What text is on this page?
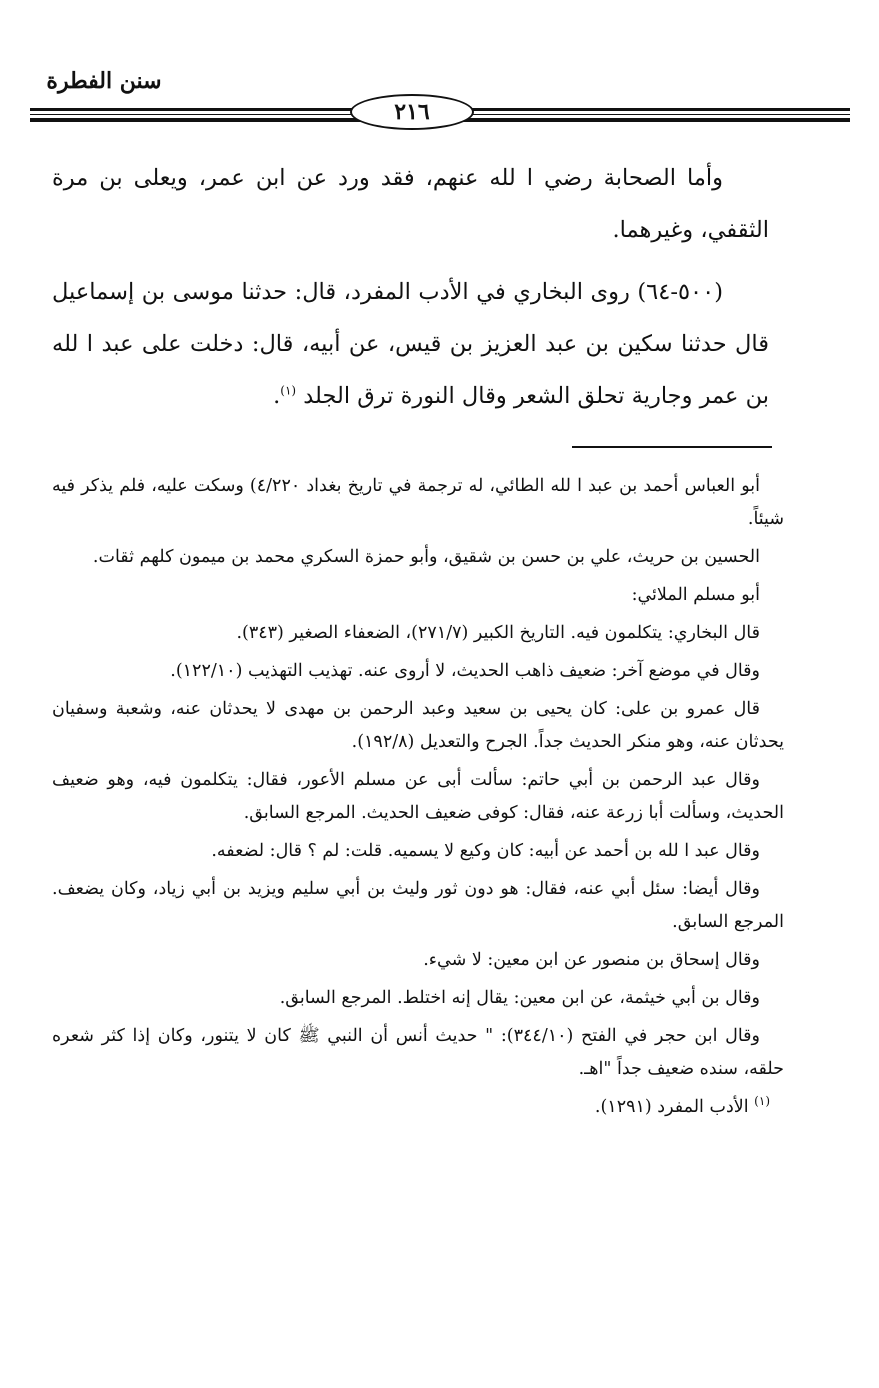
سنن الفطرة
٢١٦

وأما الصحابة رضي ا لله عنهم، فقد ورد عن ابن عمر، ويعلى بن مرة الثقفي، وغيرهما.

(٥٠٠-٦٤) روى البخاري في الأدب المفرد، قال: حدثنا موسى بن إسماعيل قال حدثنا سكين بن عبد العزيز بن قيس، عن أبيه، قال: دخلت على عبد ا لله بن عمر وجارية تحلق الشعر وقال النورة ترق الجلد $^{(١)}$.

أبو العباس أحمد بن عبد ا لله الطائي، له ترجمة في تاريخ بغداد ٤/٢٢٠) وسكت عليه، فلم يذكر فيه شيئاً.

الحسين بن حريث، علي بن حسن بن شقيق، وأبو حمزة السكري محمد بن ميمون كلهم ثقات.

أبو مسلم الملائي:

قال البخاري: يتكلمون فيه. التاريخ الكبير (٢٧١/٧)، الضعفاء الصغير (٣٤٣).

وقال في موضع آخر: ضعيف ذاهب الحديث، لا أروى عنه. تهذيب التهذيب (١٢٢/١٠).

قال عمرو بن على: كان يحيى بن سعيد وعبد الرحمن بن مهدى لا يحدثان عنه، وشعبة وسفيان يحدثان عنه، وهو منكر الحديث جداً. الجرح والتعديل (١٩٢/٨).

وقال عبد الرحمن بن أبي حاتم: سألت أبى عن مسلم الأعور، فقال: يتكلمون فيه، وهو ضعيف الحديث، وسألت أبا زرعة عنه، فقال: كوفى ضعيف الحديث. المرجع السابق.

وقال عبد ا لله بن أحمد عن أبيه: كان وكيع لا يسميه. قلت: لم ؟ قال: لضعفه.

وقال أيضا: سئل أبي عنه، فقال: هو دون ثور وليث بن أبي سليم ويزيد بن أبي زياد، وكان يضعف. المرجع السابق.

وقال إسحاق بن منصور عن ابن معين: لا شيء.

وقال بن أبي خيثمة، عن ابن معين: يقال إنه اختلط. المرجع السابق.

وقال ابن حجر في الفتح (٣٤٤/١٠): " حديث أنس أن النبي ﷺ كان لا يتنور، وكان إذا كثر شعره حلقه، سنده ضعيف جداً "اهـ.

$^{(١)}$ الأدب المفرد (١٢٩١).
